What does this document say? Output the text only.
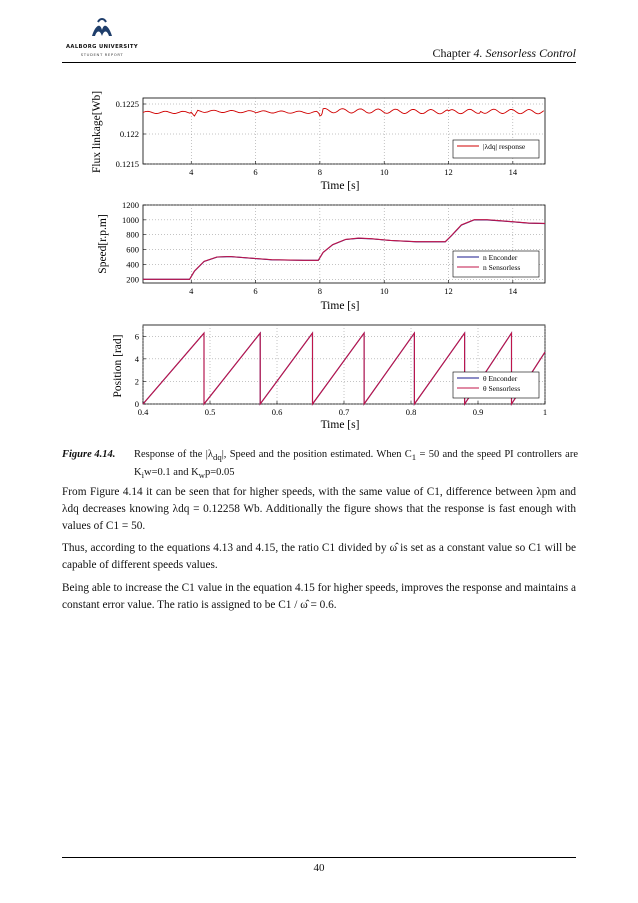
AALBORG UNIVERSITY
STUDENT REPORT	Chapter 4. Sensorless Control
4	6	8	10	12	14
0.1215
0.122
0.1225
|λdq| response
Time [s]
Flux linkage[Wb]
4	6	8	10	12	14
200
400
600
800
1000
1200
n Enconder
n Sensorless
Time [s]
Speed[r.p.m]
0.4	0.5	0.6	0.7	0.8	0.9	1
0
2
4
6
θ Enconder
θ Sensorless
Time [s]
Position [rad]
Figure 4.14. Response of the $|\lambda_{dq}|$, Speed and the position estimated. When $C_1 = 50$ and the speed PI controllers are $K_iw=0.1$ and $K_wp=0.05$
From Figure 4.14 it can be seen that for higher speeds, with the same value of C1, difference between λpm and λdq decreases knowing λdq = 0.12258 Wb. Additionally the figure shows that the response is fast enough with values of C1 = 50.
Thus, according to the equations 4.13 and 4.15, the ratio C1 divided by ω̂ is set as a constant value so C1 will be capable of different speeds values.
Being able to increase the C1 value in the equation 4.15 for higher speeds, improves the response and maintains a constant error value. The ratio is assigned to be C1 / ω̂ = 0.6.
40
